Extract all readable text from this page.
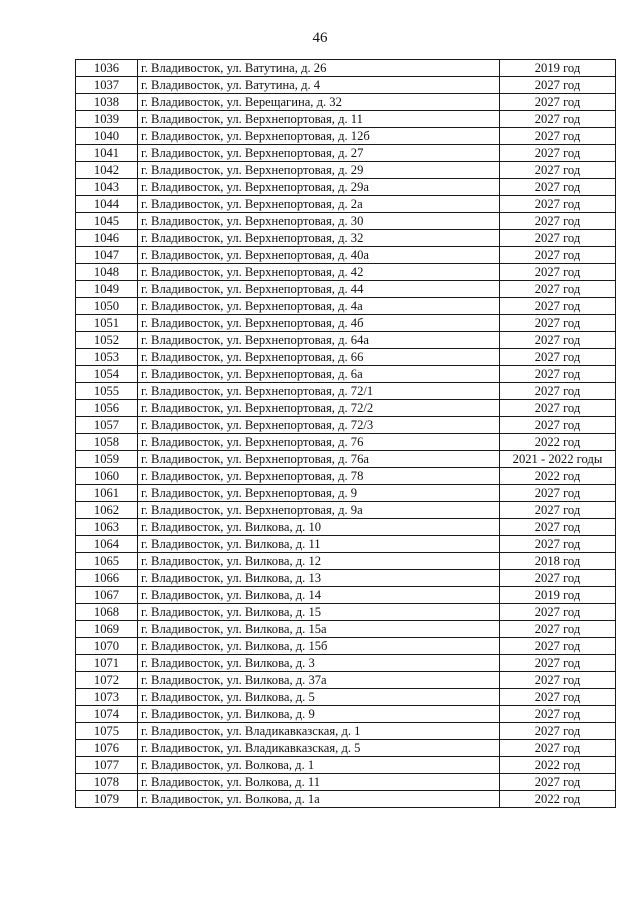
46
1036	г. Владивосток, ул. Ватутина, д. 26	2019 год
1037	г. Владивосток, ул. Ватутина, д. 4	2027 год
1038	г. Владивосток, ул. Верещагина, д. 32	2027 год
1039	г. Владивосток, ул. Верхнепортовая, д. 11	2027 год
1040	г. Владивосток, ул. Верхнепортовая, д. 12б	2027 год
1041	г. Владивосток, ул. Верхнепортовая, д. 27	2027 год
1042	г. Владивосток, ул. Верхнепортовая, д. 29	2027 год
1043	г. Владивосток, ул. Верхнепортовая, д. 29а	2027 год
1044	г. Владивосток, ул. Верхнепортовая, д. 2а	2027 год
1045	г. Владивосток, ул. Верхнепортовая, д. 30	2027 год
1046	г. Владивосток, ул. Верхнепортовая, д. 32	2027 год
1047	г. Владивосток, ул. Верхнепортовая, д. 40а	2027 год
1048	г. Владивосток, ул. Верхнепортовая, д. 42	2027 год
1049	г. Владивосток, ул. Верхнепортовая, д. 44	2027 год
1050	г. Владивосток, ул. Верхнепортовая, д. 4а	2027 год
1051	г. Владивосток, ул. Верхнепортовая, д. 4б	2027 год
1052	г. Владивосток, ул. Верхнепортовая, д. 64а	2027 год
1053	г. Владивосток, ул. Верхнепортовая, д. 66	2027 год
1054	г. Владивосток, ул. Верхнепортовая, д. 6а	2027 год
1055	г. Владивосток, ул. Верхнепортовая, д. 72/1	2027 год
1056	г. Владивосток, ул. Верхнепортовая, д. 72/2	2027 год
1057	г. Владивосток, ул. Верхнепортовая, д. 72/3	2027 год
1058	г. Владивосток, ул. Верхнепортовая, д. 76	2022 год
1059	г. Владивосток, ул. Верхнепортовая, д. 76а	2021 - 2022 годы
1060	г. Владивосток, ул. Верхнепортовая, д. 78	2022 год
1061	г. Владивосток, ул. Верхнепортовая, д. 9	2027 год
1062	г. Владивосток, ул. Верхнепортовая, д. 9а	2027 год
1063	г. Владивосток, ул. Вилкова, д. 10	2027 год
1064	г. Владивосток, ул. Вилкова, д. 11	2027 год
1065	г. Владивосток, ул. Вилкова, д. 12	2018 год
1066	г. Владивосток, ул. Вилкова, д. 13	2027 год
1067	г. Владивосток, ул. Вилкова, д. 14	2019 год
1068	г. Владивосток, ул. Вилкова, д. 15	2027 год
1069	г. Владивосток, ул. Вилкова, д. 15а	2027 год
1070	г. Владивосток, ул. Вилкова, д. 15б	2027 год
1071	г. Владивосток, ул. Вилкова, д. 3	2027 год
1072	г. Владивосток, ул. Вилкова, д. 37а	2027 год
1073	г. Владивосток, ул. Вилкова, д. 5	2027 год
1074	г. Владивосток, ул. Вилкова, д. 9	2027 год
1075	г. Владивосток, ул. Владикавказская, д. 1	2027 год
1076	г. Владивосток, ул. Владикавказская, д. 5	2027 год
1077	г. Владивосток, ул. Волкова, д. 1	2022 год
1078	г. Владивосток, ул. Волкова, д. 11	2027 год
1079	г. Владивосток, ул. Волкова, д. 1а	2022 год
